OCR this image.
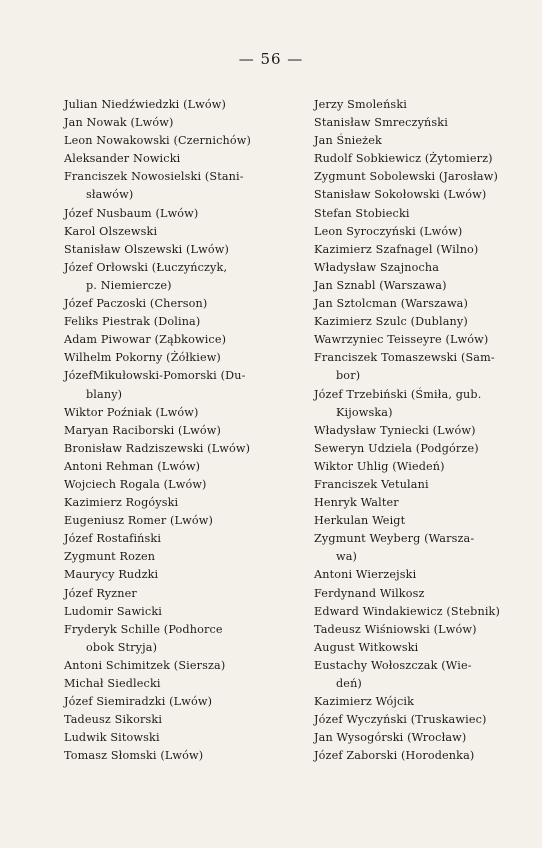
— 56 —
Julian Niedźwiedzki (Lwów)
Jan Nowak (Lwów)
Leon Nowakowski (Czernichów)
Aleksander Nowicki
Franciszek Nowosielski (Stani-
sławów)
Józef Nusbaum (Lwów)
Karol Olszewski
Stanisław Olszewski (Lwów)
Józef Orłowski (Łuczyńczyk,
p. Niemiercze)
Józef Paczoski (Cherson)
Feliks Piestrak (Dolina)
Adam Piwowar (Ząbkowice)
Wilhelm Pokorny (Żółkiew)
JózefMikułowski-Pomorski (Du-
blany)
Wiktor Poźniak (Lwów)
Maryan Raciborski (Lwów)
Bronisław Radziszewski (Lwów)
Antoni Rehman (Lwów)
Wojciech Rogala (Lwów)
Kazimierz Rogóyski
Eugeniusz Romer (Lwów)
Józef Rostafiński
Zygmunt Rozen
Maurycy Rudzki
Józef Ryzner
Ludomir Sawicki
Fryderyk Schille (Podhorce
obok Stryja)
Antoni Schimitzek (Siersza)
Michał Siedlecki
Józef Siemiradzki (Lwów)
Tadeusz Sikorski
Ludwik Sitowski
Tomasz Słomski (Lwów)
Jerzy Smoleński
Stanisław Smreczyński
Jan Śnieżek
Rudolf Sobkiewicz (Żytomierz)
Zygmunt Sobolewski (Jarosław)
Stanisław Sokołowski (Lwów)
Stefan Stobiecki
Leon Syroczyński (Lwów)
Kazimierz Szafnagel (Wilno)
Władysław Szajnocha
Jan Sznabl (Warszawa)
Jan Sztolcman (Warszawa)
Kazimierz Szulc (Dublany)
Wawrzyniec Teisseyre (Lwów)
Franciszek Tomaszewski (Sam-
bor)
Józef Trzebiński (Śmiła, gub.
Kijowska)
Władysław Tyniecki (Lwów)
Seweryn Udziela (Podgórze)
Wiktor Uhlig (Wiedeń)
Franciszek Vetulani
Henryk Walter
Herkulan Weigt
Zygmunt Weyberg (Warsza-
wa)
Antoni Wierzejski
Ferdynand Wilkosz
Edward Windakiewicz (Stebnik)
Tadeusz Wiśniowski (Lwów)
August Witkowski
Eustachy Wołoszczak (Wie-
deń)
Kazimierz Wójcik
Józef Wyczyński (Truskawiec)
Jan Wysogórski (Wrocław)
Józef Zaborski (Horodenka)
